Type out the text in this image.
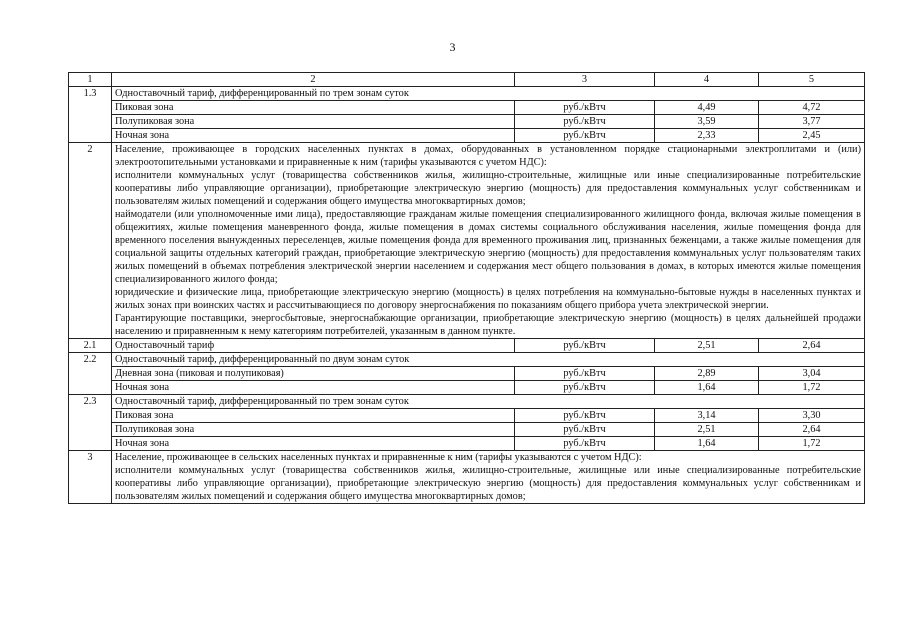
3
1	2	3	4	5
1.3	Одноставочный тариф, дифференцированный по трем зонам суток			
	Пиковая зона	руб./кВтч	4,49	4,72
	Полупиковая зона	руб./кВтч	3,59	3,77
	Ночная зона	руб./кВтч	2,33	2,45
2	Население, проживающее в городских населенных пунктах в домах, оборудованных в установленном порядке стационарными электроплитами и (или) электроотопительными установками и приравненные к ним (тарифы указываются с учетом НДС):

исполнители коммунальных услуг (товарищества собственников жилья, жилищно-строительные, жилищные или иные специализированные потребительские кооперативы либо управляющие организации), приобретающие электрическую энергию (мощность) для предоставления коммунальных услуг собственникам и пользователям жилых помещений и содержания общего имущества многоквартирных домов;

наймодатели (или уполномоченные ими лица), предоставляющие гражданам жилые помещения специализированного жилищного фонда, включая жилые помещения в общежитиях, жилые помещения маневренного фонда, жилые помещения в домах системы социального обслуживания населения, жилые помещения фонда для временного поселения вынужденных переселенцев, жилые помещения фонда для временного проживания лиц, признанных беженцами, а также жилые помещения для социальной защиты отдельных категорий граждан, приобретающие электрическую энергию (мощность) для предоставления коммунальных услуг пользователям таких жилых помещений в объемах потребления электрической энергии населением и содержания мест общего пользования в домах, в которых имеются жилые помещения специализированного жилого фонда;

юридические и физические лица, приобретающие электрическую энергию (мощность) в целях потребления на коммунально-бытовые нужды в населенных пунктах и жилых зонах при воинских частях и рассчитывающиеся по договору энергоснабжения по показаниям общего прибора учета электрической энергии.

Гарантирующие поставщики, энергосбытовые, энергоснабжающие организации, приобретающие электрическую энергию (мощность) в целях дальнейшей продажи населению и приравненным к нему категориям потребителей, указанным в данном пункте.			

2.1	Одноставочный тариф	руб./кВтч	2,51	2,64
2.2	Одноставочный тариф, дифференцированный по двум зонам суток			
	Дневная зона (пиковая и полупиковая)	руб./кВтч	2,89	3,04
	Ночная зона	руб./кВтч	1,64	1,72
2.3	Одноставочный тариф, дифференцированный по трем зонам суток			
	Пиковая зона	руб./кВтч	3,14	3,30
	Полупиковая зона	руб./кВтч	2,51	2,64
	Ночная зона	руб./кВтч	1,64	1,72
3	Население, проживающее в сельских населенных пунктах и приравненные к ним (тарифы указываются с учетом НДС):

исполнители коммунальных услуг (товарищества собственников жилья, жилищно-строительные, жилищные или иные специализированные потребительские кооперативы либо управляющие организации), приобретающие электрическую энергию (мощность) для предоставления коммунальных услуг собственникам и пользователям жилых помещений и содержания общего имущества многоквартирных домов;			
